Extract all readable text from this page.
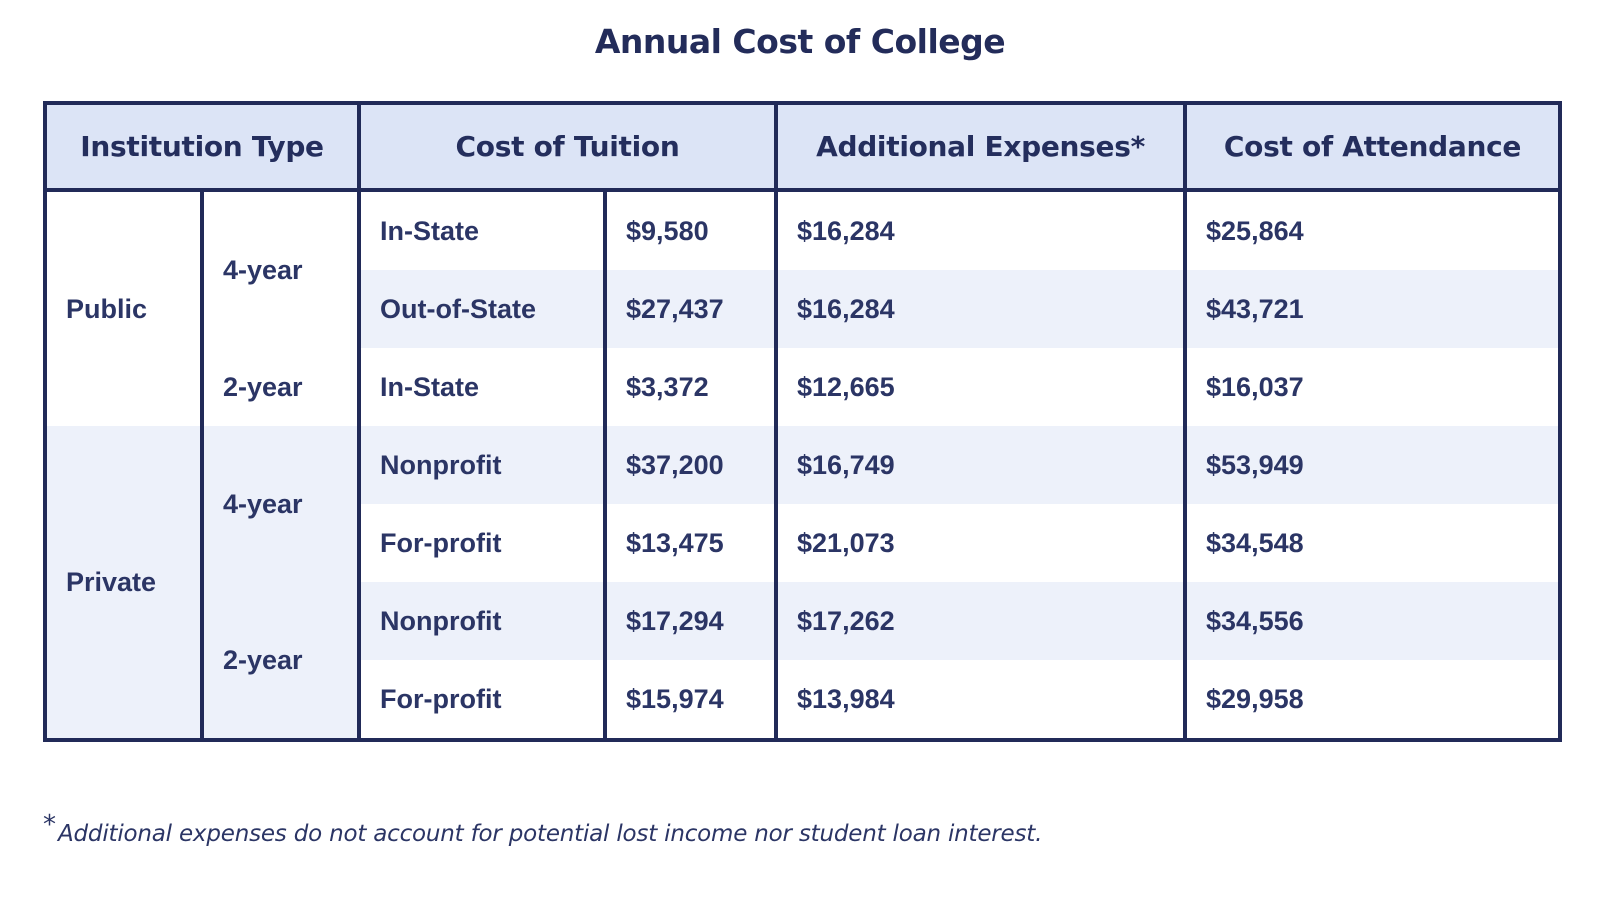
Annual Cost of College
Institution Type		Cost of Tuition		Additional Expenses*	Cost of Attendance
Public	4-year	In-State	$9,580	$16,284	$25,864
		Out-of-State	$27,437	$16,284	$43,721
	2-year	In-State	$3,372	$12,665	$16,037
Private	4-year	Nonprofit	$37,200	$16,749	$53,949
		For-profit	$13,475	$21,073	$34,548
	2-year	Nonprofit	$17,294	$17,262	$34,556
		For-profit	$15,974	$13,984	$29,958
*Additional expenses do not account for potential lost income nor student loan interest.
